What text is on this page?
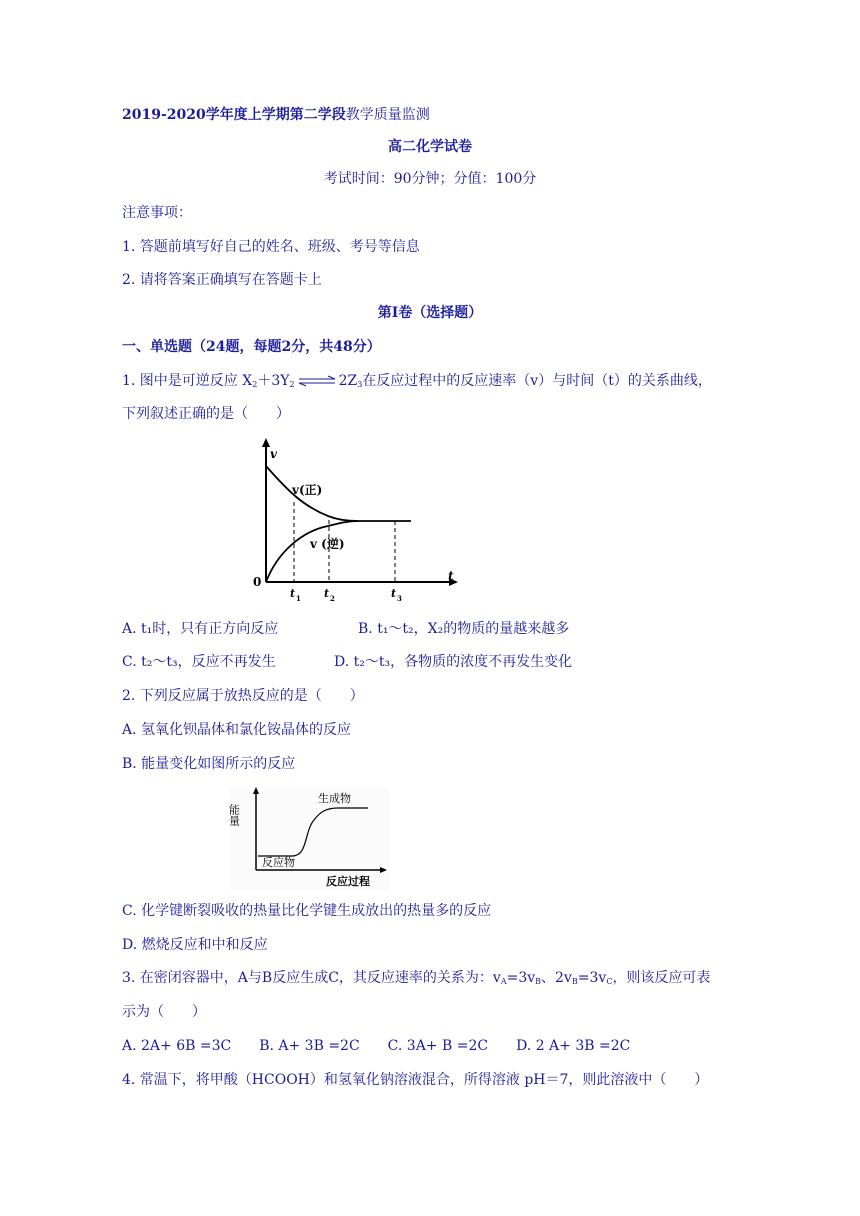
2019-2020学年度上学期第二学段教学质量监测
高二化学试卷
考试时间：90分钟；分值：100分
注意事项：
1. 答题前填写好自己的姓名、班级、考号等信息
2. 请将答案正确填写在答题卡上
第Ⅰ卷（选择题）
一、单选题（24题，每题2分，共48分）
1. 图中是可逆反应 $X_2+3Y_2$ ⇌ $2Z_3$在反应过程中的反应速率（v）与时间（t）的关系曲线，
下列叙述正确的是（　　）
v
t
0
v(正)
v (逆)
t 1 t 2	t 3
A. t₁时，只有正方向反应	B. t₁～t₂，X₂的物质的量越来越多
C. t₂～t₃，反应不再发生	D. t₂～t₃，各物质的浓度不再发生变化
2. 下列反应属于放热反应的是（　　）
A. 氢氧化钡晶体和氯化铵晶体的反应
B. 能量变化如图所示的反应
能量
生成物
反应物
反应过程
C. 化学键断裂吸收的热量比化学键生成放出的热量多的反应
D. 燃烧反应和中和反应
3. 在密闭容器中，A与B反应生成C，其反应速率的关系为：$v_A=3v_B$、$2v_B=3v_C$，则该反应可表
示为（　　）
A. 2A+ 6B =3C　　B. A+ 3B =2C　　C. 3A+ B =2C　　D. 2 A+ 3B =2C
4. 常温下，将甲酸（HCOOH）和氢氧化钠溶液混合，所得溶液 pH＝7，则此溶液中（　　）
